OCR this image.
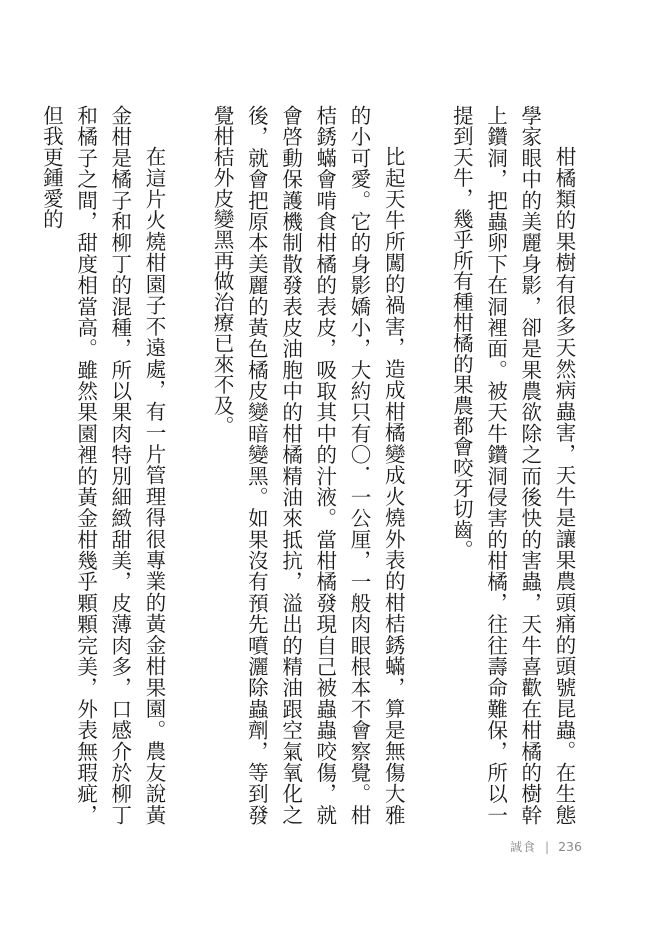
柑橘類的果樹有很多天然病蟲害，天牛是讓果農頭痛的頭號昆蟲。在生態學家眼中的美麗身影，卻是果農欲除之而後快的害蟲，天牛喜歡在柑橘的樹幹上鑽洞，把蟲卵下在洞裡面。被天牛鑽洞侵害的柑橘，往往壽命難保，所以一提到天牛，幾乎所有種柑橘的果農都會咬牙切齒。

比起天牛所闖的禍害，造成柑橘變成火燒外表的柑桔銹蟎，算是無傷大雅的小可愛。它的身影嬌小，大約只有〇．一公厘，一般肉眼根本不會察覺。柑桔銹蟎會啃食柑橘的表皮，吸取其中的汁液。當柑橘發現自己被蟲蟲咬傷，就會啓動保護機制散發表皮油胞中的柑橘精油來抵抗，溢出的精油跟空氣氧化之後，就會把原本美麗的黃色橘皮變暗變黑。如果沒有預先噴灑除蟲劑，等到發覺柑桔外皮變黑再做治療已來不及。

在這片火燒柑園子不遠處，有一片管理得很專業的黃金柑果園。農友說黃金柑是橘子和柳丁的混種，所以果肉特別細緻甜美，皮薄肉多，口感介於柳丁和橘子之間，甜度相當高。雖然果園裡的黃金柑幾乎顆顆完美，外表無瑕疵，但我更鍾愛的

誠食 | 236
